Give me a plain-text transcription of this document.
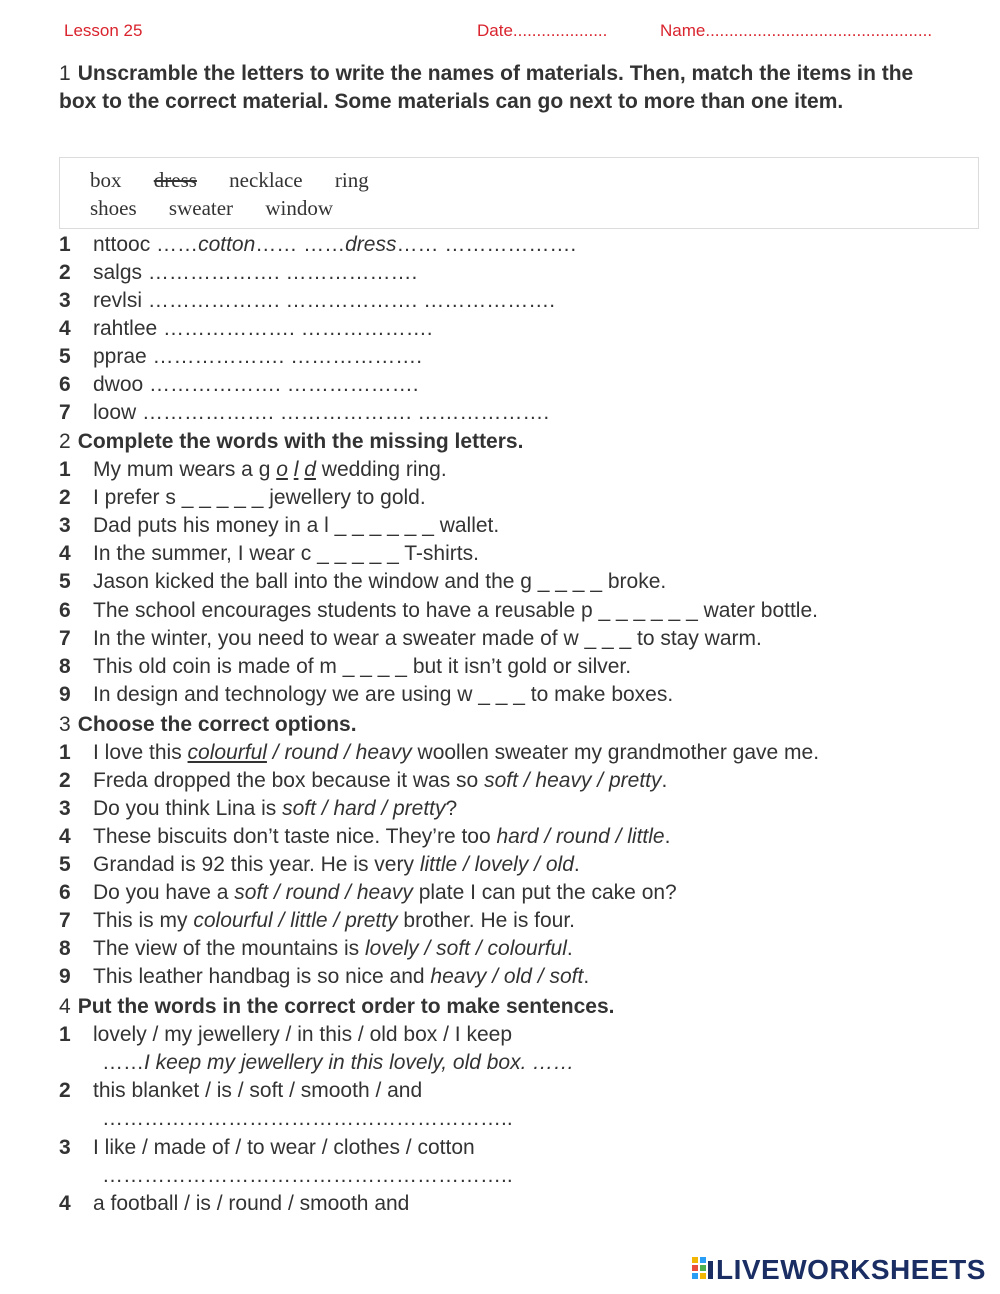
Lesson 25	Date....................	Name................................................
1 Unscramble the letters to write the names of materials. Then, match the items in the box to the correct material. Some materials can go next to more than one item.
box dress necklace ring
shoes sweater window
1 nttooc ……cotton…… ……dress…… ……………….
2 salgs ………………. ……………….
3 revlsi ………………. ………………. ……………….
4 rahtlee ………………. ……………….
5 pprae ………………. ……………….
6 dwoo ………………. ……………….
7 loow ………………. ………………. ……………….
2 Complete the words with the missing letters.
1 My mum wears a g o l d wedding ring.
2 I prefer s _ _ _ _ _ jewellery to gold.
3 Dad puts his money in a l _ _ _ _ _ _ wallet.
4 In the summer, I wear c _ _ _ _ _ T-shirts.
5 Jason kicked the ball into the window and the g _ _ _ _ broke.
6 The school encourages students to have a reusable p _ _ _ _ _ _ water bottle.
7 In the winter, you need to wear a sweater made of w _ _ _ to stay warm.
8 This old coin is made of m _ _ _ _ but it isn’t gold or silver.
9 In design and technology we are using w _ _ _ to make boxes.
3 Choose the correct options.
1 I love this colourful / round / heavy woollen sweater my grandmother gave me.
2 Freda dropped the box because it was so soft / heavy / pretty.
3 Do you think Lina is soft / hard / pretty?
4 These biscuits don’t taste nice. They’re too hard / round / little.
5 Grandad is 92 this year. He is very little / lovely / old.
6 Do you have a soft / round / heavy plate I can put the cake on?
7 This is my colourful / little / pretty brother. He is four.
8 The view of the mountains is lovely / soft / colourful.
9 This leather handbag is so nice and heavy / old / soft.
4 Put the words in the correct order to make sentences.
1 lovely / my jewellery / in this / old box / I keep
……I keep my jewellery in this lovely, old box. ……
2 this blanket / is / soft / smooth / and
…………………………………………………..
3 I like / made of / to wear / clothes / cotton
…………………………………………………..
4 a football / is / round / smooth and
LIVEWORKSHEETS
